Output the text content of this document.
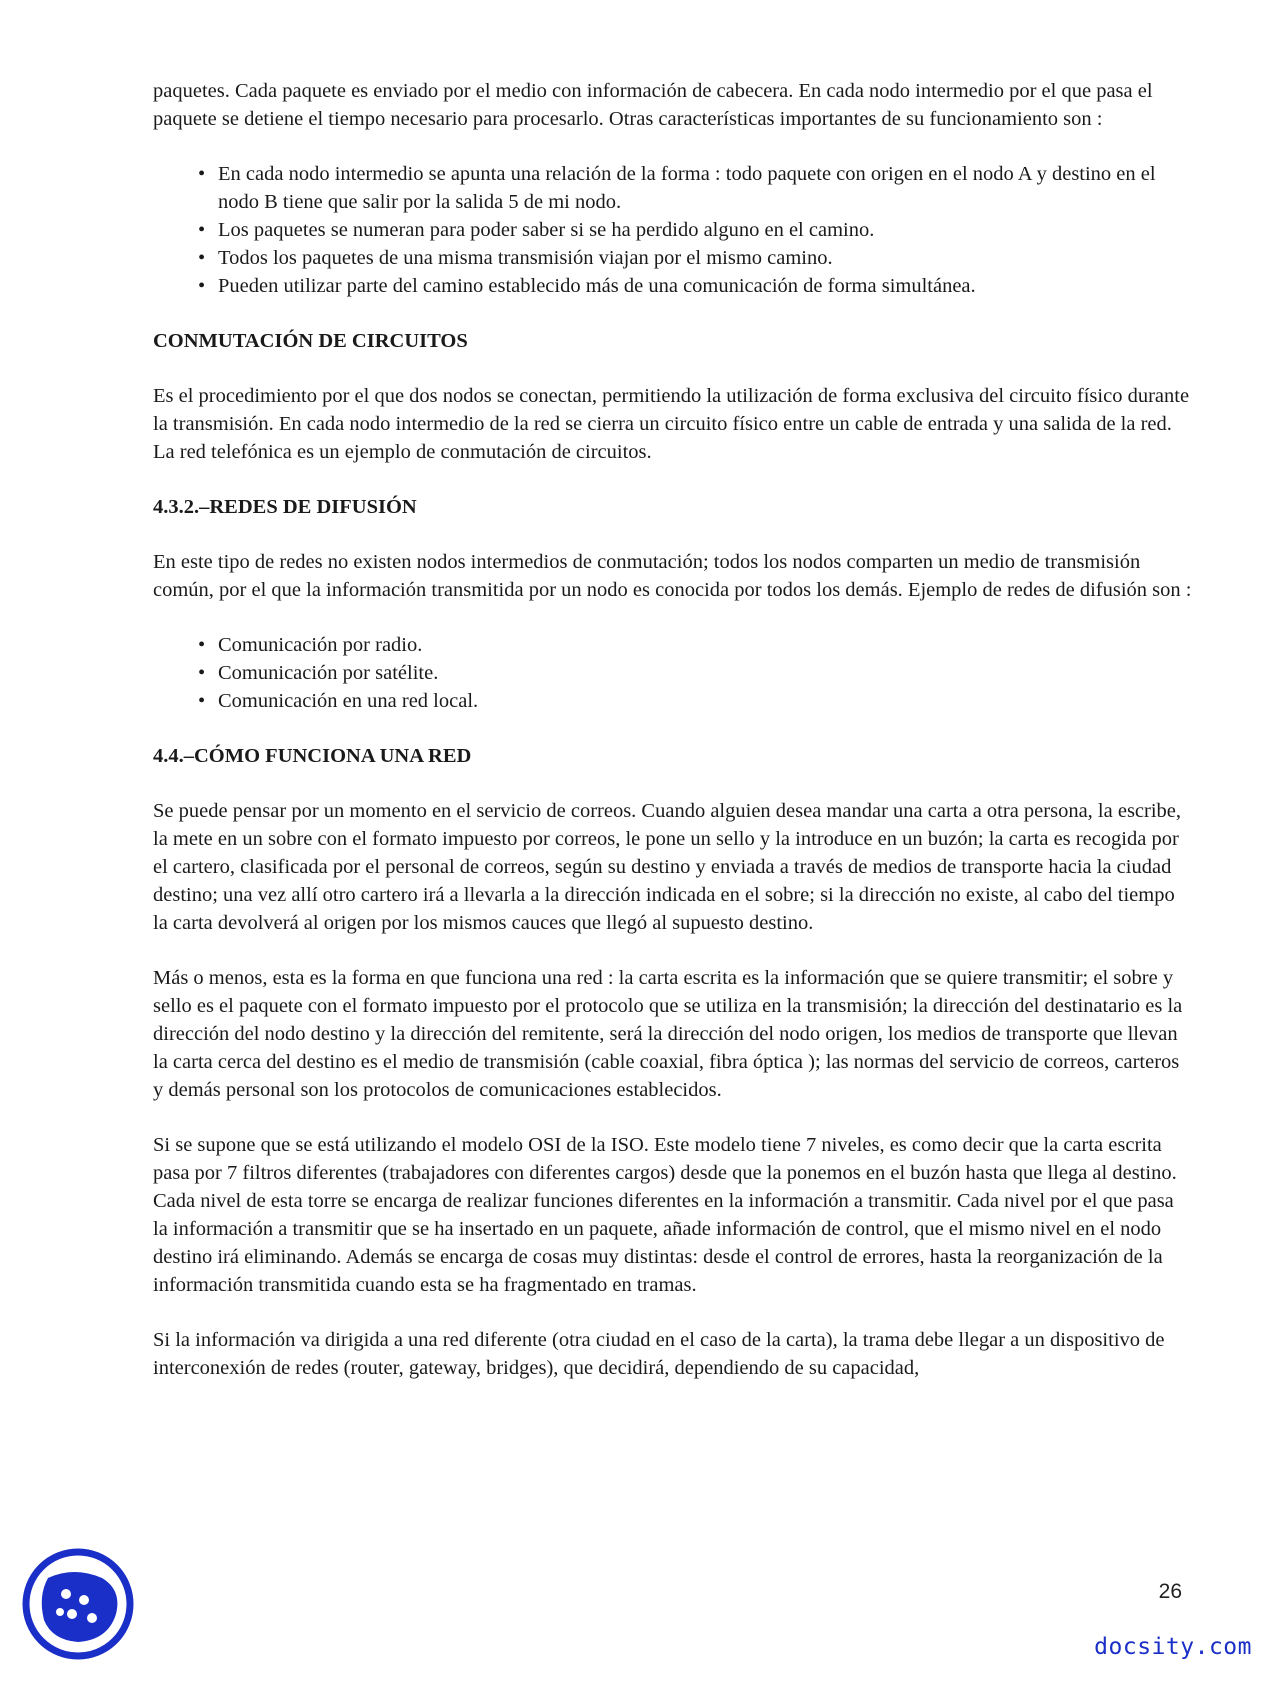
paquetes. Cada paquete es enviado por el medio con información de cabecera. En cada nodo intermedio por el que pasa el paquete se detiene el tiempo necesario para procesarlo. Otras características importantes de su funcionamiento son :

• En cada nodo intermedio se apunta una relación de la forma : todo paquete con origen en el nodo A y destino en el nodo B tiene que salir por la salida 5 de mi nodo.
• Los paquetes se numeran para poder saber si se ha perdido alguno en el camino.
• Todos los paquetes de una misma transmisión viajan por el mismo camino.
• Pueden utilizar parte del camino establecido más de una comunicación de forma simultánea.
CONMUTACIÓN DE CIRCUITOS

Es el procedimiento por el que dos nodos se conectan, permitiendo la utilización de forma exclusiva del circuito físico durante la transmisión. En cada nodo intermedio de la red se cierra un circuito físico entre un cable de entrada y una salida de la red. La red telefónica es un ejemplo de conmutación de circuitos.

4.3.2.–REDES DE DIFUSIÓN

En este tipo de redes no existen nodos intermedios de conmutación; todos los nodos comparten un medio de transmisión común, por el que la información transmitida por un nodo es conocida por todos los demás. Ejemplo de redes de difusión son :

• Comunicación por radio.
• Comunicación por satélite.
• Comunicación en una red local.
4.4.–CÓMO FUNCIONA UNA RED

Se puede pensar por un momento en el servicio de correos. Cuando alguien desea mandar una carta a otra persona, la escribe, la mete en un sobre con el formato impuesto por correos, le pone un sello y la introduce en un buzón; la carta es recogida por el cartero, clasificada por el personal de correos, según su destino y enviada a través de medios de transporte hacia la ciudad destino; una vez allí otro cartero irá a llevarla a la dirección indicada en el sobre; si la dirección no existe, al cabo del tiempo la carta devolverá al origen por los mismos cauces que llegó al supuesto destino.

Más o menos, esta es la forma en que funciona una red : la carta escrita es la información que se quiere transmitir; el sobre y sello es el paquete con el formato impuesto por el protocolo que se utiliza en la transmisión; la dirección del destinatario es la dirección del nodo destino y la dirección del remitente, será la dirección del nodo origen, los medios de transporte que llevan la carta cerca del destino es el medio de transmisión (cable coaxial, fibra óptica ); las normas del servicio de correos, carteros y demás personal son los protocolos de comunicaciones establecidos.

Si se supone que se está utilizando el modelo OSI de la ISO. Este modelo tiene 7 niveles, es como decir que la carta escrita pasa por 7 filtros diferentes (trabajadores con diferentes cargos) desde que la ponemos en el buzón hasta que llega al destino. Cada nivel de esta torre se encarga de realizar funciones diferentes en la información a transmitir. Cada nivel por el que pasa la información a transmitir que se ha insertado en un paquete, añade información de control, que el mismo nivel en el nodo destino irá eliminando. Además se encarga de cosas muy distintas: desde el control de errores, hasta la reorganización de la información transmitida cuando esta se ha fragmentado en tramas.

Si la información va dirigida a una red diferente (otra ciudad en el caso de la carta), la trama debe llegar a un dispositivo de interconexión de redes (router, gateway, bridges), que decidirá, dependiendo de su capacidad,

26
docsity.com
